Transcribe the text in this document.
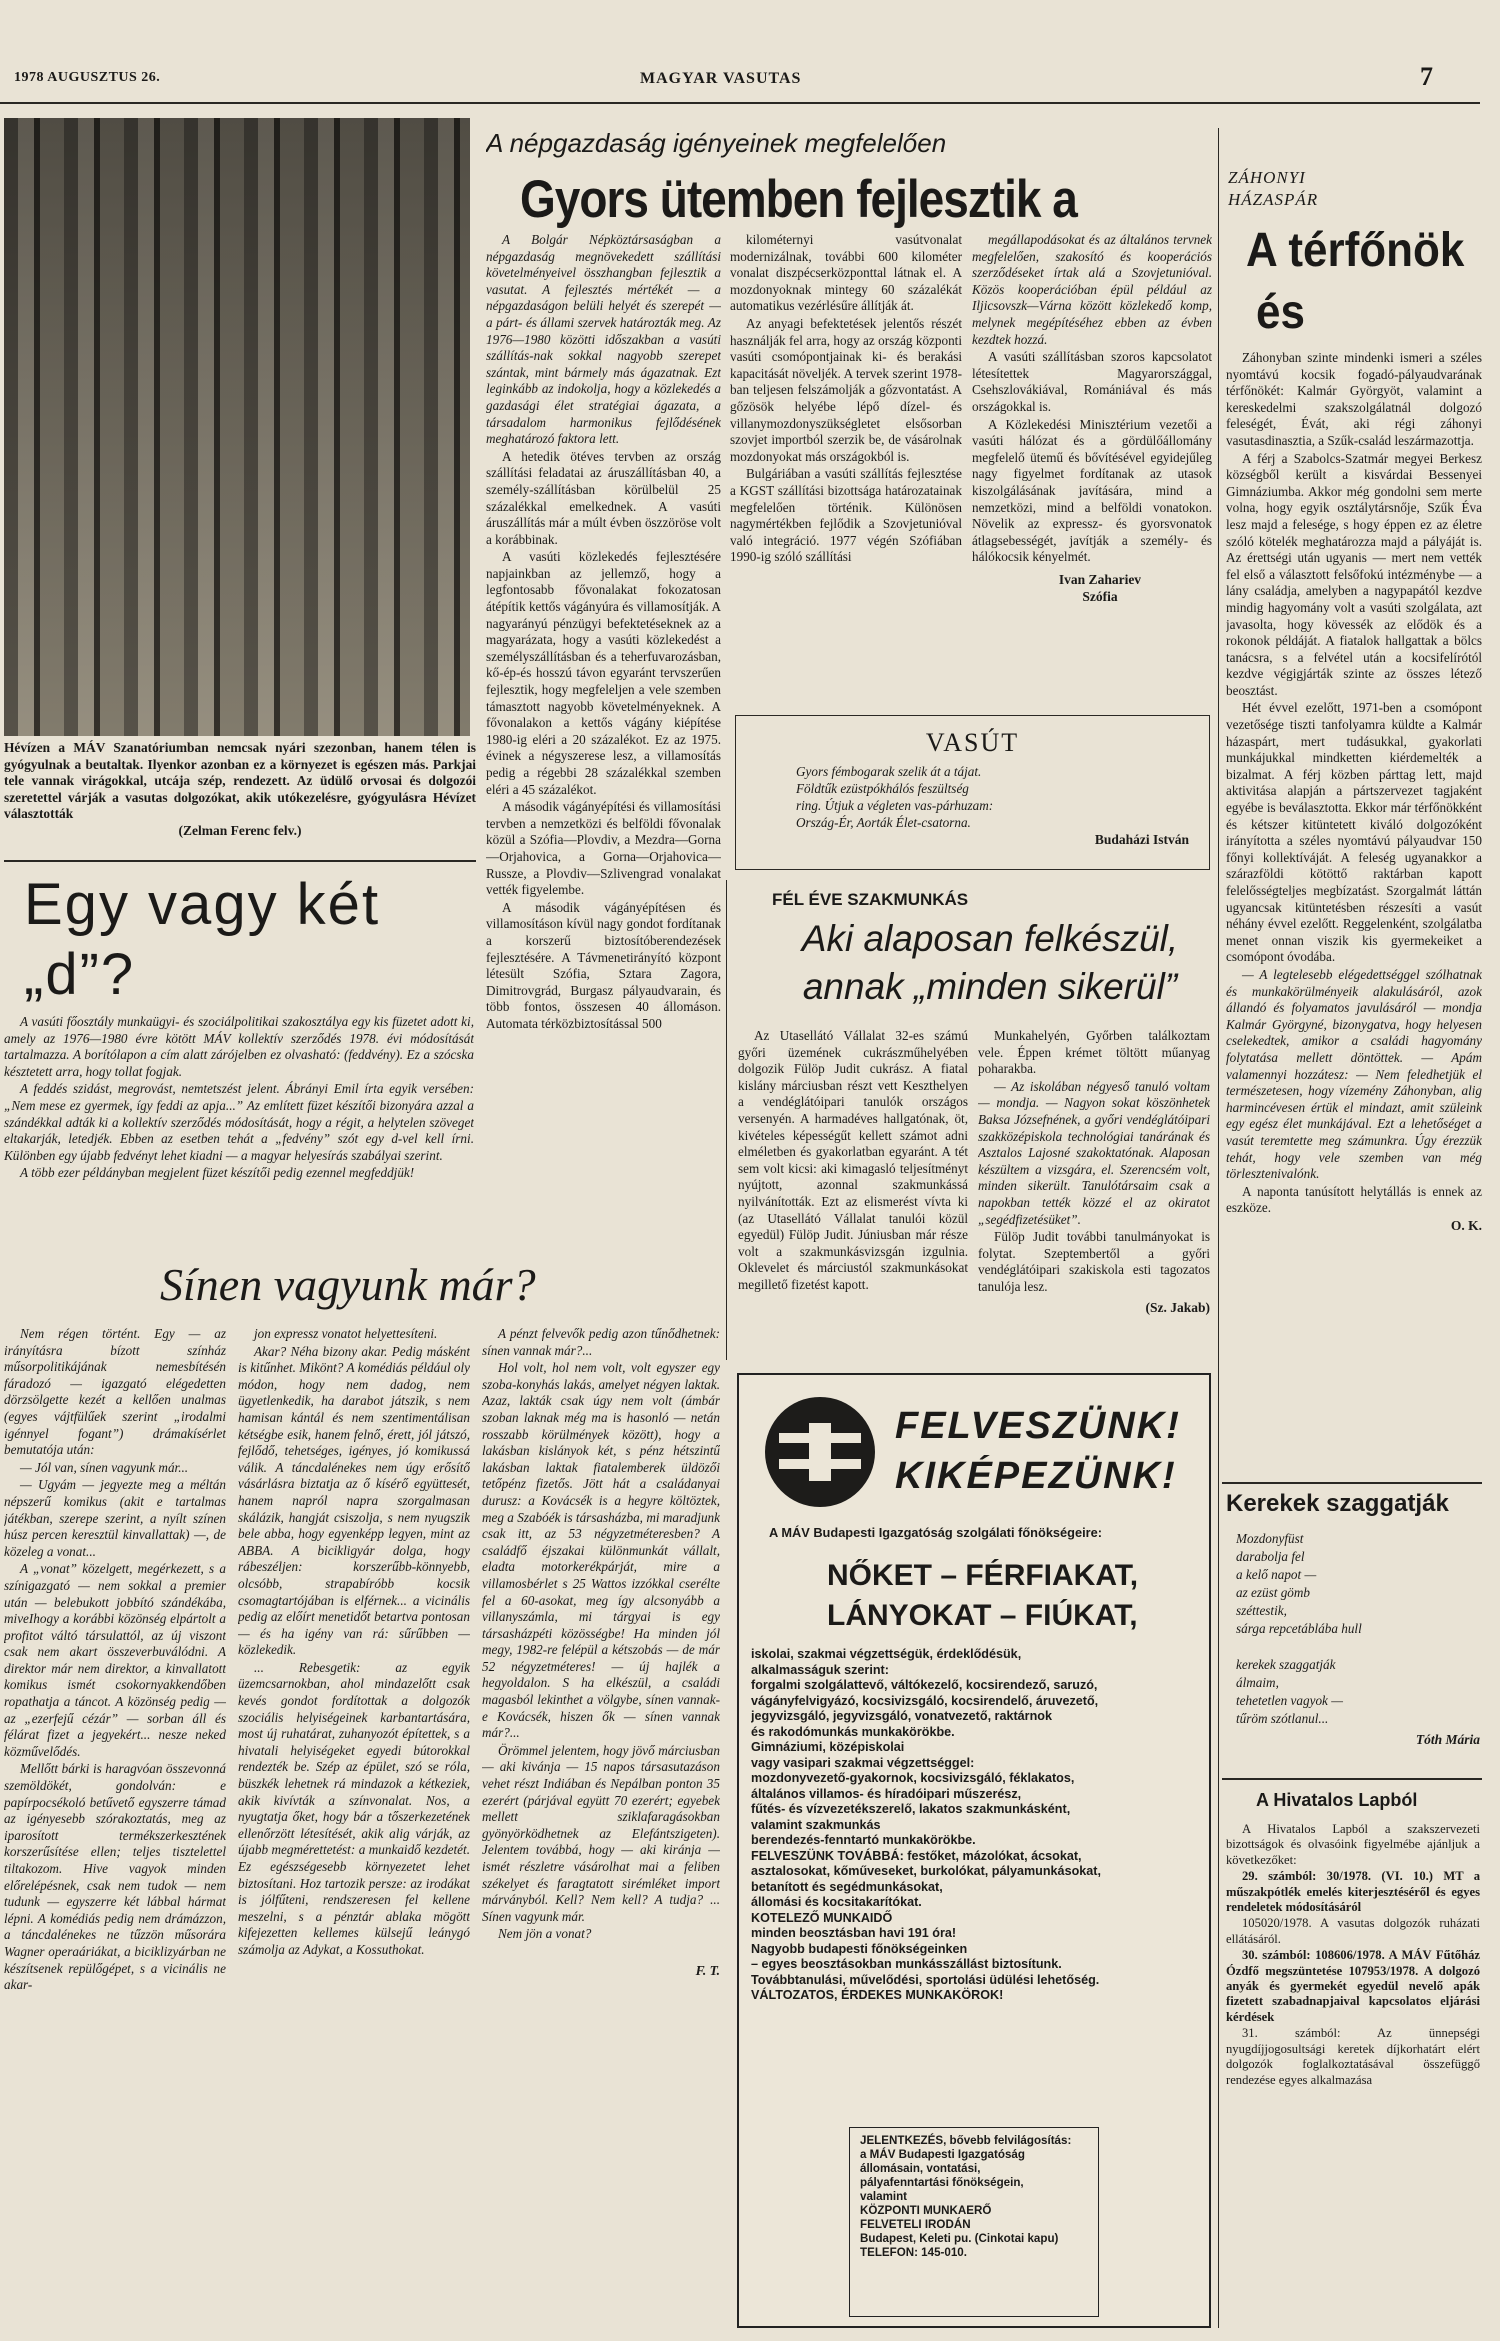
1978 AUGUSZTUS 26.	MAGYAR VASUTAS	7

Hévízen a MÁV Szanatóriumban nemcsak nyári szezonban, hanem télen is gyógyulnak a beutaltak. Ilyenkor azonban ez a környezet is egészen más. Parkjai tele vannak virágokkal, utcája szép, rendezett. Az üdülő orvosai és dolgozói szeretettel várják a vasutas dolgozókat, akik utókezelésre, gyógyulásra Hévízet választották

(Zelman Ferenc felv.)

Egy vagy két „d”?

A vasúti főosztály munkaügyi- és szociálpolitikai szakosztálya egy kis füzetet adott ki, amely az 1976—1980 évre kötött MÁV kollektív szerződés 1978. évi módosítását tartalmazza. A borítólapon a cím alatt zárójelben ez olvasható: (feddvény). Ez a szócska késztetett arra, hogy tollat fogjak.

A feddés szidást, megrovást, nemtetszést jelent. Ábrányi Emil írta egyik versében: „Nem mese ez gyermek, így feddi az apja...” Az említett füzet készítői bizonyára azzal a szándékkal adták ki a kollektív szerződés módosítását, hogy a régit, a helytelen szöveget eltakarják, letedjék. Ebben az esetben tehát a „fedvény” szót egy d-vel kell írni. Különben egy újabb fedvényt lehet kiadni — a magyar helyesírás szabályai szerint.

A több ezer példányban megjelent füzet készítői pedig ezennel megfeddjük!

A népgazdaság igényeinek megfelelően
Gyors ütemben fejlesztik a

A Bolgár Népköztársaságban a népgazdaság megnövekedett szállítási követelményeivel összhangban fejlesztik a vasutat. A fejlesztés mértékét — a népgazdaságon belüli helyét és szerepét — a párt- és állami szervek határozták meg. Az 1976—1980 közötti időszakban a vasúti szállítás-nak sokkal nagyobb szerepet szántak, mint bármely más ágazatnak. Ezt leginkább az indokolja, hogy a közlekedés a gazdasági élet stratégiai ágazata, a társadalom harmonikus fejlődésének meghatározó faktora lett.

A hetedik ötéves tervben az ország szállítási feladatai az áruszállításban 40, a személy-szállításban körülbelül 25 százalékkal emelkednek. A vasúti áruszállítás már a múlt évben öszzöröse volt a korábbinak.

A vasúti közlekedés fejlesztésére napjainkban az jellemző, hogy a legfontosabb fővonalakat fokozatosan átépítik kettős vágányúra és villamosítják. A nagyarányú pénzügyi befektetéseknek az a magyarázata, hogy a vasúti közlekedést a személyszállításban és a teherfuvarozásban, kő-ép-és hosszú távon egyaránt tervszerűen fejlesztik, hogy megfeleljen a vele szemben támasztott nagyobb követelményeknek. A fővonalakon a kettős vágány kiépítése 1980-ig eléri a 20 százalékot. Ez az 1975. évinek a négyszerese lesz, a villamosítás pedig a régebbi 28 százalékkal szemben eléri a 45 százalékot.

A második vágányépítési és villamosítási tervben a nemzetközi és belföldi fővonalak közül a Szófia—Plovdiv, a Mezdra—Gorna—Orjahovica, a Gorna—Orjahovica—Russze, a Plovdiv—Szlivengrad vonalakat vették figyelembe.

A második vágányépítésen és villamosításon kívül nagy gondot fordítanak a korszerű biztosítóberendezések fejlesztésére. A Távmenetirányító központ létesült Szófia, Sztara Zagora, Dimitrovgrád, Burgasz pályaudvarain, és több fontos, összesen 40 állomáson. Automata térközbiztosítással 500

kilométernyi vasútvonalat modernizálnak, további 600 kilométer vonalat diszpécserközponttal látnak el. A mozdonyoknak mintegy 60 százalékát automatikus vezérlésűre állítják át.

Az anyagi befektetések jelentős részét használják fel arra, hogy az ország központi vasúti csomópontjainak ki- és berakási kapacitását növeljék. A tervek szerint 1978-ban teljesen felszámolják a gőzvontatást. A gőzösök helyébe lépő dízel- és villanymozdonyszükségletet elsősorban szovjet importból szerzik be, de vásárolnak mozdonyokat más országokból is.

Bulgáriában a vasúti szállítás fejlesztése a KGST szállítási bizottsága határozatainak megfelelően történik. Különösen nagymértékben fejlődik a Szovjetunióval való integráció. 1977 végén Szófiában 1990-ig szóló szállítási

megállapodásokat és az általános tervnek megfelelően, szakosító és kooperációs szerződéseket írtak alá a Szovjetunióval. Közös kooperációban épül például az Iljicsovszk—Várna között közlekedő komp, melynek megépítéséhez ebben az évben kezdtek hozzá.

A vasúti szállításban szoros kapcsolatot létesítettek Magyarországgal, Csehszlovákiával, Romániával és más országokkal is.

A Közlekedési Minisztérium vezetői a vasúti hálózat és a gördülőállomány megfelelő ütemű és bővítésével egyidejűleg nagy figyelmet fordítanak az utasok kiszolgálásának javítására, mind a nemzetközi, mind a belföldi vonatokon. Növelik az expressz- és gyorsvonatok átlagsebességét, javítják a személy- és hálókocsik kényelmét.

Ivan Zahariev

Szófia

VASÚT

Gyors fémbogarak szelik át a tájat.

Földtűk ezüstpókhálós feszültség

ring. Útjuk a végleten vas-párhuzam:

Ország-Ér, Aorták Élet-csatorna.

Budaházi István
FÉL ÉVE SZAKMUNKÁS
Aki alaposan felkészül,
annak „minden sikerül”

Az Utasellátó Vállalat 32-es számú győri üzemének cukrászműhelyében dolgozik Fülöp Judit cukrász. A fiatal kislány márciusban részt vett Keszthelyen a vendéglátóipari tanulók országos versenyén. A harmadéves hallgatónak, öt, kivételes képességűt kellett számot adni elméletben és gyakorlatban egyaránt. A tét sem volt kicsi: aki kimagasló teljesítményt nyújtott, azonnal szakmunkássá nyilvánították. Ezt az elismerést vívta ki (az Utasellátó Vállalat tanulói közül egyedül) Fülöp Judit. Júniusban már része volt a szakmunkásvizsgán izgulnia. Oklevelet és márciustól szakmunkásokat megillető fizetést kapott.

Munkahelyén, Győrben találkoztam vele. Éppen krémet töltött műanyag poharakba.

— Az iskolában négyeső tanuló voltam — mondja. — Nagyon sokat köszönhetek Baksa Józsefnének, a győri vendéglátóipari szakközépiskola technológiai tanárának és Asztalos Lajosné szakoktatónak. Alaposan készültem a vizsgára, el. Szerencsém volt, minden sikerült. Tanulótársaim csak a napokban tették közzé el az okiratot „segédfizetésüket”.

Fülöp Judit további tanulmányokat is folytat. Szeptembertől a győri vendéglátóipari szakiskola esti tagozatos tanulója lesz.

(Sz. Jakab)

Sínen vagyunk már?

Nem régen történt. Egy — az irányításra bízott színház műsorpolitikájának nemesbítésén fáradozó — igazgató elégedetten dörzsölgette kezét a kellően unalmas (egyes vájtfülűek szerint „irodalmi igénnyel fogant”) drámakísérlet bemutatója után:

— Jól van, sínen vagyunk már...

— Ugyám — jegyezte meg a méltán népszerű komikus (akit e tartalmas játékban, szerepe szerint, a nyílt színen húsz percen keresztül kinvallattak) —, de közeleg a vonat...

A „vonat” közelgett, megérkezett, s a színigazgató — nem sokkal a premier után — belebukott jobbító szándékába, miveIhogy a korábbi közönség elpártolt a profitot váltó társulattól, az új viszont csak nem akart összeverbuválódni. A direktor már nem direktor, a kinvallatott komikus ismét csokornyakkendőben ropathatja a táncot. A közönség pedig — az „ezerfejű cézár” — sorban áll és félárat fizet a jegyekért... nesze neked közművelődés.

Mellőtt bárki is haragvóan összevonná szemöldökét, gondolván: e papírpocsékoló betűvető egyszerre támad az igényesebb szórakoztatás, meg az iparosított termékszerkesztének korszerűsítése ellen; teljes tisztelettel tiltakozom. Hive vagyok minden előrelépésnek, csak nem tudok — nem tudunk — egyszerre két lábbal hármat lépni. A komédiás pedig nem drámázzon, a táncdalénekes ne tűzzön műsorára Wagner operaáriákat, a biciklizyárban ne készítsenek repülőgépet, s a vicinális ne akar-

jon expressz vonatot helyettesíteni.

Akar? Néha bizony akar. Pedig másként is kitűnhet. Mikönt? A komédiás például oly módon, hogy nem dadog, nem ügyetlenkedik, ha darabot játszik, s nem hamisan kántál és nem szentimentálisan kétségbe esik, hanem felnő, érett, jól játszó, fejlődő, tehetséges, igényes, jó komikussá válik. A táncdalénekes nem úgy erősítő vásárlásra biztatja az ő kísérő együttesét, hanem napról napra szorgalmasan skálázik, hangját csiszolja, s nem nyugszik bele abba, hogy egyenképp legyen, mint az ABBA. A bicikligyár dolga, hogy rábeszéljen: korszerűbb-könnyebb, olcsóbb, strapabíróbb kocsik csomagtartójában is elférnek... a vicinális pedig az előírt menetidőt betartva pontosan — és ha igény van rá: sűrűbben — közlekedik.

... Rebesgetik: az egyik üzemcsarnokban, ahol mindazelőtt csak kevés gondot fordítottak a dolgozók szociális helyiségeinek karbantartására, most új ruhatárat, zuhanyozót építettek, s a hivatali helyiségeket egyedi bútorokkal rendezték be. Szép az épület, szó se róla, büszkék lehetnek rá mindazok a kétkeziek, akik kivívták a színvonalat. Nos, a nyugtatja őket, hogy bár a tőszerkezetének ellenőrzött létesítését, akik alig várják, az újabb megmérettetést: a munkaidő kezdetét. Ez egészségesebb környezetet lehet biztosítani. Hoz tartozik persze: az irodákat is jólfűteni, rendszeresen fel kellene meszelni, s a pénztár ablaka mögött kifejezetten kellemes külsejű leánygó számolja az Adykat, a Kossuthokat.

A pénzt felvevők pedig azon tűnődhetnek: sínen vannak már?...

Hol volt, hol nem volt, volt egyszer egy szoba-konyhás lakás, amelyet négyen laktak. Azaz, lakták csak úgy nem volt (ámbár szoban laknak még ma is hasonló — netán rosszabb körülmények között), hogy a lakásban kislányok két, s pénz hétszintű lakásban laktak fiatalemberek üldözői tetőpénz fizetős. Jött hát a családanyai durusz: a Kovácsék is a hegyre költöztek, meg a Szabóék is társasházba, mi maradjunk csak itt, az 53 négyzetméteresben? A családfő éjszakai különmunkát vállalt, eladta motorkerékpárját, mire a villamosbérlet s 25 Wattos izzókkal cserélte fel a 60-asokat, meg így alcsonyább a villanyszámla, mi tárgyai is egy társasházpéti közösségbe! Ha minden jól megy, 1982-re felépül a kétszobás — de már 52 négyzetméteres! — új hajlék a hegyoldalon. S ha elkészül, a családi magasból lekinthet a völgybe, sínen vannak-e Kovácsék, hiszen ők — sínen vannak már?...

Örömmel jelentem, hogy jövő márciusban — aki kivánja — 15 napos társasutazáson vehet részt Indiában és Nepálban ponton 35 ezerért (párjával együtt 70 ezerért; egyebek mellett sziklafaragásokban gyönyörködhetnek az Elefántszigeten). Jelentem továbbá, hogy — aki kiránja — ismét részletre vásárolhat mai a feliben székelyet és faragtatott sirémléket import márványból. Kell? Nem kell? A tudja? ... Sínen vagyunk már.

Nem jön a vonat?

F. T.

FELVESZÜNK!
KIKÉPEZÜNK!
A MÁV Budapesti Igazgatóság szolgálati főnökségeire:
NŐKET – FÉRFIAKAT,
LÁNYOKAT – FIÚKAT,
iskolai, szakmai végzettségük, érdeklődésük,
alkalmasságuk szerint:
forgalmi szolgálattevő, váltókezelő, kocsirendező, saruzó,
vágányfelvigyázó, kocsivizsgáló, kocsirendelő, áruvezető,
jegyvizsgáló, jegyvizsgáló, vonatvezető, raktárnok
és rakodómunkás munkakörökbe.
Gimnáziumi, középiskolai
vagy vasipari szakmai végzettséggel:
mozdonyvezető-gyakornok, kocsivizsgáló, féklakatos,
általános villamos- és híradóipari műszerész,
fűtés- és vízvezetékszerelő, lakatos szakmunkásként,
valamint szakmunkás
berendezés-fenntartó munkakörökbe.
FELVESZÜNK TOVÁBBÁ: festőket, mázolókat, ácsokat,
asztalosokat, kőműveseket, burkolókat, pályamunkásokat,
betanított és segédmunkásokat,
állomási és kocsitakarítókat.
KOTELEZŐ MUNKAIDŐ
minden beosztásban havi 191 óra!
Nagyobb budapesti főnökségeinken
– egyes beosztásokban munkásszállást biztosítunk.
Továbbtanulási, művelődési, sportolási üdülési lehetőség.
VÁLTOZATOS, ÉRDEKES MUNKAKÖROK!
JELENTKEZÉS, bővebb felvilágosítás:
a MÁV Budapesti Igazgatóság
állomásain, vontatási,
pályafenntartási főnökségein,
valamint
KÖZPONTI MUNKAERŐ
FELVETELI IRODÁN
Budapest, Keleti pu. (Cinkotai kapu)
TELEFON: 145-010.
ZÁHONYI
HÁZASPÁR
A térfőnök
és

Záhonyban szinte mindenki ismeri a széles nyomtávú kocsik fogadó-pályaudvarának térfőnökét: Kalmár Györgyöt, valamint a kereskedelmi szakszolgálatnál dolgozó feleségét, Évát, aki régi záhonyi vasutasdinasztia, a Szűk-család leszármazottja.

A férj a Szabolcs-Szatmár megyei Berkesz községből került a kisvárdai Bessenyei Gimnáziumba. Akkor még gondolni sem merte volna, hogy egyik osztálytársnője, Szűk Éva lesz majd a felesége, s hogy éppen ez az életre szóló kötelék meghatározza majd a pályáját is. Az érettségi után ugyanis — mert nem vették fel első a választott felsőfokú intézménybe — a lány családja, amelyben a nagypapától kezdve mindig hagyomány volt a vasúti szolgálata, azt javasolta, hogy kövessék az elődök és a rokonok példáját. A fiatalok hallgattak a bölcs tanácsra, s a felvétel után a kocsifelírótól kezdve végigjárták szinte az összes létező beosztást.

Hét évvel ezelőtt, 1971-ben a csomópont vezetősége tiszti tanfolyamra küldte a Kalmár házaspárt, mert tudásukkal, gyakorlati munkájukkal mindketten kiérdemelték a bizalmat. A férj közben párttag lett, majd aktivitása alapján a pártszervezet tagjaként egyébe is beválasztotta. Ekkor már térfőnökként és kétszer kitüntetett kiváló dolgozóként irányította a széles nyomtávú pályaudvar 150 főnyi kollektíváját. A feleség ugyanakkor a szárazföldi kötöttő raktárban kapott felelősségteljes megbízatást. Szorgalmát láttán ugyancsak kitüntetésben részesíti a vasút néhány évvel ezelőtt. Reggelenként, szolgálatba menet onnan viszik kis gyermekeiket a csomópont óvodába.

— A legtelesebb elégedettséggel szólhatnak és munkakörülményeik alakulásáról, azok állandó és folyamatos javulásáról — mondja Kalmár Györgyné, bizonygatva, hogy helyesen cselekedtek, amikor a családi hagyomány folytatása mellett döntöttek. — Apám valamennyi hozzátesz: — Nem feledhetjük el természetesen, hogy vízemény Záhonyban, alig harmincévesen értük el mindazt, amit szüleink egy egész élet munkájával. Ezt a lehetőséget a vasút teremtette meg számunkra. Úgy érezzük tehát, hogy vele szemben van még törlesztenivalónk.

A naponta tanúsított helytállás is ennek az eszköze.

O. K.

Kerekek szaggatják

Mozdonyfüst

darabolja fel

a kelő napot —

az ezüst gömb

széttestik,

sárga repcetáblába hull

kerekek szaggatják

álmaim,

tehetetlen vagyok —

tűröm szótlanul...

Tóth Mária

A Hivatalos Lapból

A Hivatalos Lapból a szakszervezeti bizottságok és olvasóink figyelmébe ajánljuk a következőket:

29. számból: 30/1978. (VI. 10.) MT a műszakpótlék emelés kiterjesztéséről és egyes rendeletek módosításáról

105020/1978. A vasutas dolgozók ruházati ellátásáról.

30. számból: 108606/1978. A MÁV Fűtőház Ózdfő megszüntetése 107953/1978. A dolgozó anyák és gyermekét egyedül nevelő apák fizetett szabadnapjaival kapcsolatos eljárási kérdések

31. számból: Az ünnepségi nyugdíjjogosultsági keretek díjkorhatárt elért dolgozók foglalkoztatásával összefüggő rendezése egyes alkalmazása
